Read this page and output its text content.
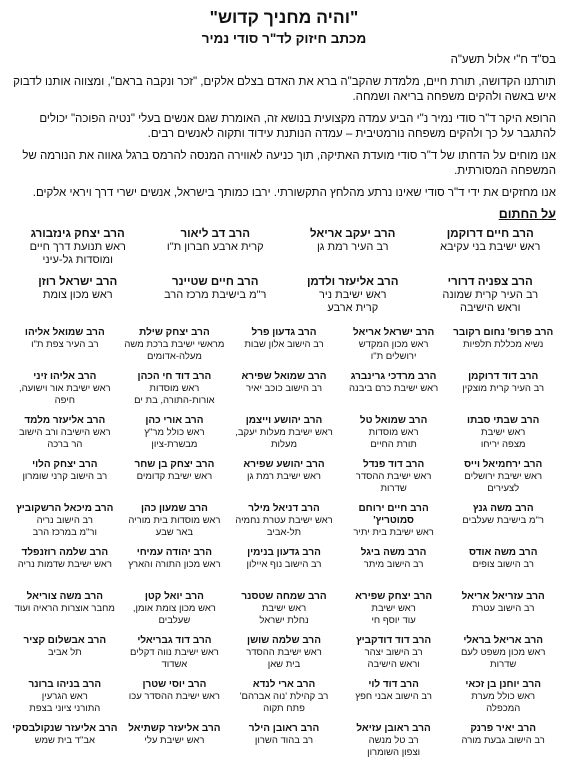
"והיה מחניך קדוש"
מכתב חיזוק לד"ר סודי נמיר
בס"ד ח"י אלול תשע"ה

תורתנו הקדושה, תורת חיים, מלמדת שהקב"ה ברא את האדם בצלם אלקים, "זכר ונקבה בראם", ומצווה אותנו לדבוק איש באשה ולהקים משפחה בריאה ושמחה.

הרופא היקר ד"ר סודי נמיר נ"י הביע עמדה מקצועית בנושא זה, האומרת שגם אנשים בעלי "נטיה הפוכה" יכולים להתגבר על כך ולהקים משפחה נורמטיבית – עמדה הנותנת עידוד ותקוה לאנשים רבים.

אנו מוחים על הדחתו של ד"ר סודי מועדת האתיקה, תוך כניעה לאווירה המנסה להרמס ברגל גאווה את הנורמה של המשפחה המסורתית.

אנו מחזקים את ידי ד"ר סודי שאינו נרתע מהלחץ התקשורתי. ירבו כמותך בישראל, אנשים ישרי דרך ויראי אלקים.

על החתום
הרב חיים דרוקמן
ראש ישיבת בני עקיבא
הרב יעקב אריאל
רב העיר רמת גן
הרב דב ליאור
קרית ארבע חברון ת"ו
הרב יצחק גינזבורג
ראש תנועת דרך חיים
ומוסדות גל-עיני
הרב צפניה דרורי
רב העיר קרית שמונה
וראש הישיבה
הרב אליעזר ולדמן
ראש ישיבת ניר
קרית ארבע
הרב חיים שטיינר
ר"מ בישיבת מרכז הרב
הרב ישראל רוזן
ראש מכון צומת
הרב פרופ' נחום רקובר
נשיא מכללת תלפיות
הרב ישראל אריאל
ראש מכון המקדש
ירושלים ת"ו
הרב גדעון פרל
רב הישוב אלון שבות
הרב יצחק שילת
מראשי ישיבת ברכת משה
מעלה-אדומים
הרב שמואל אליהו
רב העיר צפת ת"ו
הרב דוד דרוקמן
רב העיר קרית מוצקין
הרב מרדכי גרינברג
ראש ישיבת כרם ביבנה
הרב שמואל שפירא
רב הישוב כוכב יאיר
הרב דוד חי הכהן
ראש מוסדות
אורות-התורה, בת ים
הרב אליהו זיני
ראש ישיבת אור וישועה,
חיפה
הרב שבתי סבתו
ראש ישיבת
מצפה יריחו
הרב שמואל טל
ראש מוסדות
תורת החיים
הרב יהושע וייצמן
ראש ישיבת מעלות יעקב,
מעלות
הרב אורי כהן
ראש כולל מר"ץ
מבשרת-ציון
הרב אליעזר מלמד
ראש הישיבה ורב הישוב
הר ברכה
הרב ירחמיאל וייס
ראש ישיבת ירושלים
לצעירים
הרב דוד פנדל
ראש ישיבת ההסדר
שדרות
הרב יהושע שפירא
ראש ישיבת רמת גן
הרב יצחק בן שחר
ראש ישיבת קדומים
הרב יצחק הלוי
רב הישוב קרני שומרון
הרב משה גנץ
ר"מ בישיבת שעלבים
הרב חיים ירוחם סמוטריץ'
ראש ישיבת בית יתיר
הרב דניאל מילר
ראש ישיבת עטרת נחמיה
תל-אביב
הרב שמעון כהן
ראש מוסדות בית מוריה
באר שבע
הרב מיכאל הרשקוביץ
רב הישוב נריה
ור"מ במרכז הרב
הרב משה אודס
רב הישוב צופים
הרב משה ביגל
רב הישוב מיתר
הרב גדעון בנימין
רב הישוב נוף איילון
הרב יהודה עמיחי
ראש מכון התורה והארץ
הרב שלמה רוזנפלד
ראש ישיבת שדמות נריה
הרב עזריאל אריאל
רב הישוב עטרת
הרב יצחק שפירא
ראש ישיבת
עוד יוסף חי
הרב שמחה שטסנר
ראש ישיבת
נחלת ישראל
הרב יואל קטן
ראש מכון צומת אומן,
שעלבים
הרב משה צוריאל
מחבר אוצרות הראיה ועוד
הרב אריאל בראלי
ראש מכון משפט לעם
שדרות
הרב דוד דודקביץ
רב הישוב יצהר
וראש הישיבה
הרב שלמה שושן
ראש ישיבת ההסדר
בית שאן
הרב דוד גבריאלי
ראש ישיבת נווה דקלים
אשדוד
הרב אבשלום קציר
תל אביב
הרב יוחנן בן זכאי
ראש כולל מערת
המכפלה
הרב דוד לוי
רב הישוב אבני חפץ
הרב ארי לנדא
רב קהילת 'נוה אברהם'
פתח תקוה
הרב יוסי שטרן
ראש ישיבת ההסדר עכו
הרב בניהו ברונר
ראש הגרעין
התורני ציוני בצפת
הרב יאיר פרנק
רב הישוב גבעת מורה
הרב ראובן עזיאל
רב טל מנשה
וצפון השומרון
הרב ראובן הילר
רב בהוד השרון
הרב אליעזר קשתיאל
ראש ישיבת עלי
הרב אליעזר שנקולבסקי
אב"ד בית שמש
